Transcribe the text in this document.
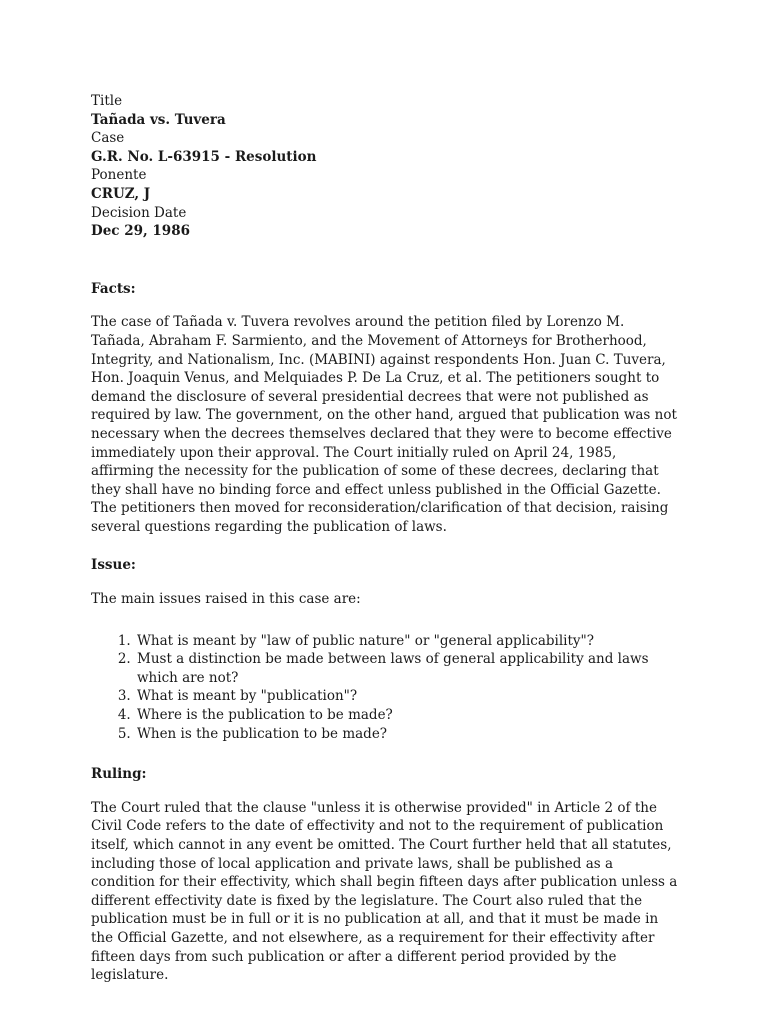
Title
Tañada vs. Tuvera
Case
G.R. No. L-63915 - Resolution
Ponente
CRUZ, J
Decision Date
Dec 29, 1986
Facts:

The case of Tañada v. Tuvera revolves around the petition filed by Lorenzo M. Tañada, Abraham F. Sarmiento, and the Movement of Attorneys for Brotherhood, Integrity, and Nationalism, Inc. (MABINI) against respondents Hon. Juan C. Tuvera, Hon. Joaquin Venus, and Melquiades P. De La Cruz, et al. The petitioners sought to demand the disclosure of several presidential decrees that were not published as required by law. The government, on the other hand, argued that publication was not necessary when the decrees themselves declared that they were to become effective immediately upon their approval. The Court initially ruled on April 24, 1985, affirming the necessity for the publication of some of these decrees, declaring that they shall have no binding force and effect unless published in the Official Gazette. The petitioners then moved for reconsideration/clarification of that decision, raising several questions regarding the publication of laws.

Issue:

The main issues raised in this case are:

1. What is meant by "law of public nature" or "general applicability"?
2. Must a distinction be made between laws of general applicability and laws which are not?
3. What is meant by "publication"?
4. Where is the publication to be made?
5. When is the publication to be made?
Ruling:

The Court ruled that the clause "unless it is otherwise provided" in Article 2 of the Civil Code refers to the date of effectivity and not to the requirement of publication itself, which cannot in any event be omitted. The Court further held that all statutes, including those of local application and private laws, shall be published as a condition for their effectivity, which shall begin fifteen days after publication unless a different effectivity date is fixed by the legislature. The Court also ruled that the publication must be in full or it is no publication at all, and that it must be made in the Official Gazette, and not elsewhere, as a requirement for their effectivity after fifteen days from such publication or after a different period provided by the legislature.
